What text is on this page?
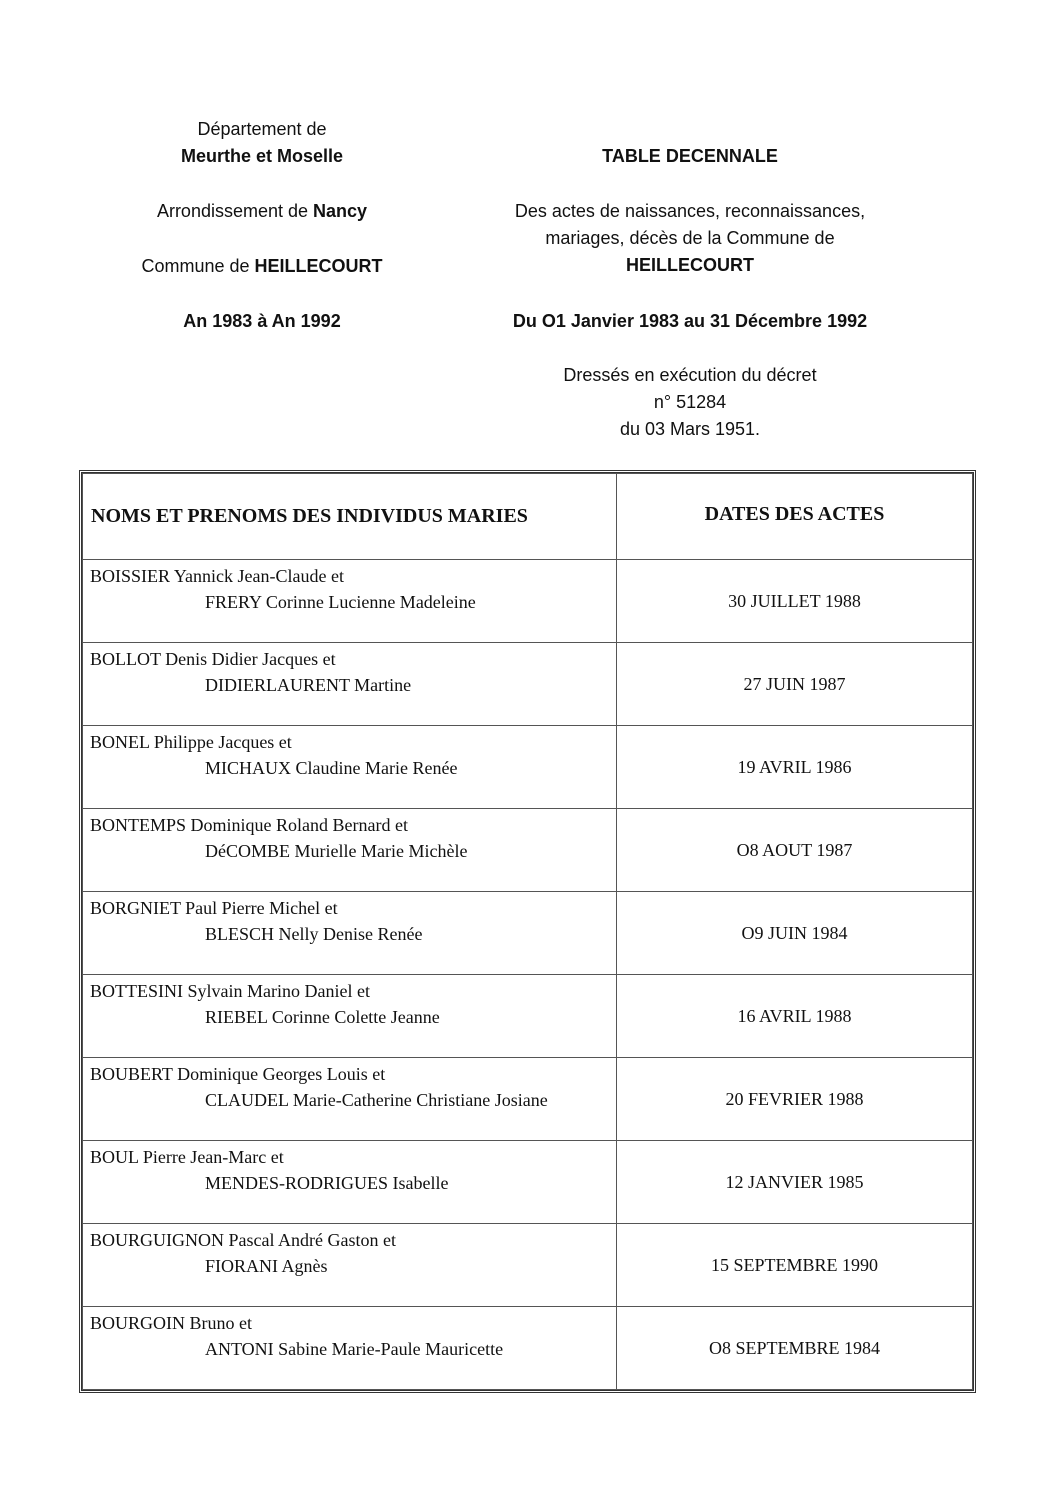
Département de
Meurthe et Moselle
Arrondissement de Nancy
Commune de HEILLECOURT
An 1983 à An 1992
TABLE DECENNALE
Des actes de naissances, reconnaissances,
mariages, décès de la Commune de
HEILLECOURT
Du O1 Janvier 1983 au 31 Décembre 1992
Dressés en exécution du décret
n° 51284
du 03 Mars 1951.
NOMS ET PRENOMS DES INDIVIDUS MARIES	DATES DES ACTES

BOISSIER Yannick Jean-Claude et
FRERY Corinne Lucienne Madeleine	30 JUILLET 1988

BOLLOT Denis Didier Jacques et
DIDIERLAURENT Martine	27 JUIN 1987

BONEL Philippe Jacques et
MICHAUX Claudine Marie Renée	19 AVRIL 1986

BONTEMPS Dominique Roland Bernard et
DéCOMBE Murielle Marie Michèle	O8 AOUT 1987

BORGNIET Paul Pierre Michel et
BLESCH Nelly Denise Renée	O9 JUIN 1984

BOTTESINI Sylvain Marino Daniel et
RIEBEL Corinne Colette Jeanne	16 AVRIL 1988

BOUBERT Dominique Georges Louis et
CLAUDEL Marie-Catherine Christiane Josiane	20 FEVRIER 1988

BOUL Pierre Jean-Marc et
MENDES-RODRIGUES Isabelle	12 JANVIER 1985

BOURGUIGNON Pascal André Gaston et
FIORANI Agnès	15 SEPTEMBRE 1990

BOURGOIN Bruno et
ANTONI Sabine Marie-Paule Mauricette	O8 SEPTEMBRE 1984
